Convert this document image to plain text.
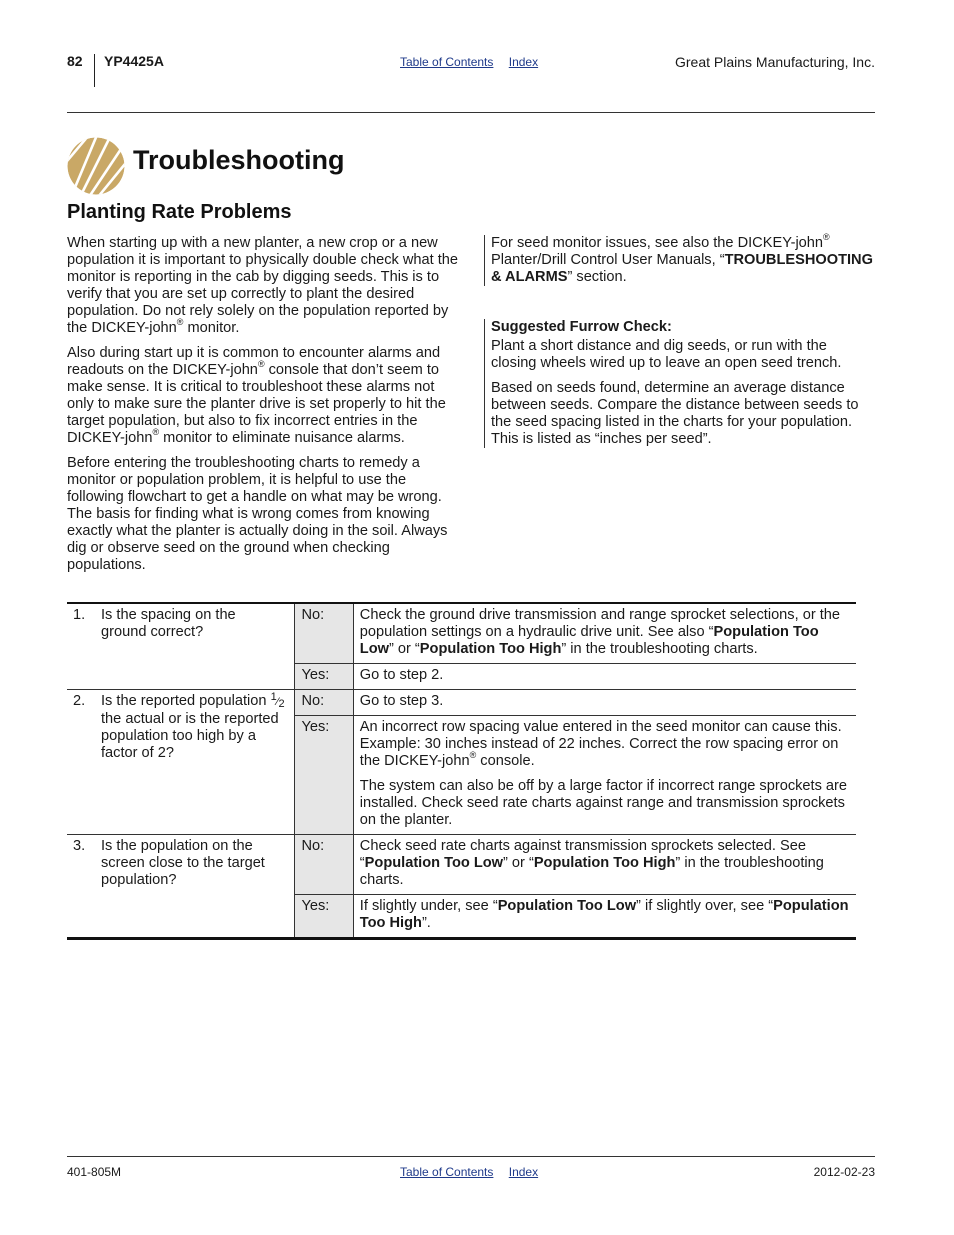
82 YP4425A	Table of Contents Index	Great Plains Manufacturing, Inc.
Troubleshooting
Planting Rate Problems

When starting up with a new planter, a new crop or a new population it is important to physically double check what the monitor is reporting in the cab by digging seeds. This is to verify that you are set up correctly to plant the desired population. Do not rely solely on the population reported by the DICKEY-john® monitor.

Also during start up it is common to encounter alarms and readouts on the DICKEY-john® console that don’t seem to make sense. It is critical to troubleshoot these alarms not only to make sure the planter drive is set properly to hit the target population, but also to fix incorrect entries in the DICKEY-john® monitor to eliminate nuisance alarms.

Before entering the troubleshooting charts to remedy a monitor or population problem, it is helpful to use the following flowchart to get a handle on what may be wrong. The basis for finding what is wrong comes from knowing exactly what the planter is actually doing in the soil. Always dig or observe seed on the ground when checking populations.

For seed monitor issues, see also the DICKEY-john® Planter/Drill Control User Manuals, “TROUBLESHOOTING & ALARMS” section.

Suggested Furrow Check:

Plant a short distance and dig seeds, or run with the closing wheels wired up to leave an open seed trench.

Based on seeds found, determine an average distance between seeds. Compare the distance between seeds to the seed spacing listed in the charts for your population. This is listed as “inches per seed”.

1. Is the spacing on the ground correct?	No:	Check the ground drive transmission and range sprocket selections, or the population settings on a hydraulic drive unit. See also “Population Too Low” or “Population Too High” in the troubleshooting charts.
	Yes:	Go to step 2.
2. Is the reported population 1⁄2 the actual or is the reported population too high by a factor of 2?	No:	Go to step 3.
	Yes:	An incorrect row spacing value entered in the seed monitor can cause this. Example: 30 inches instead of 22 inches. Correct the row spacing error on the DICKEY-john® console.

The system can also be off by a large factor if incorrect range sprockets are installed. Check seed rate charts against range and transmission sprockets on the planter.

3. Is the population on the screen close to the target population?	No:	Check seed rate charts against transmission sprockets selected. See “Population Too Low” or “Population Too High” in the troubleshooting charts.
	Yes:	If slightly under, see “Population Too Low” if slightly over, see “Population Too High”.
401-805M	Table of Contents Index	2012-02-23
